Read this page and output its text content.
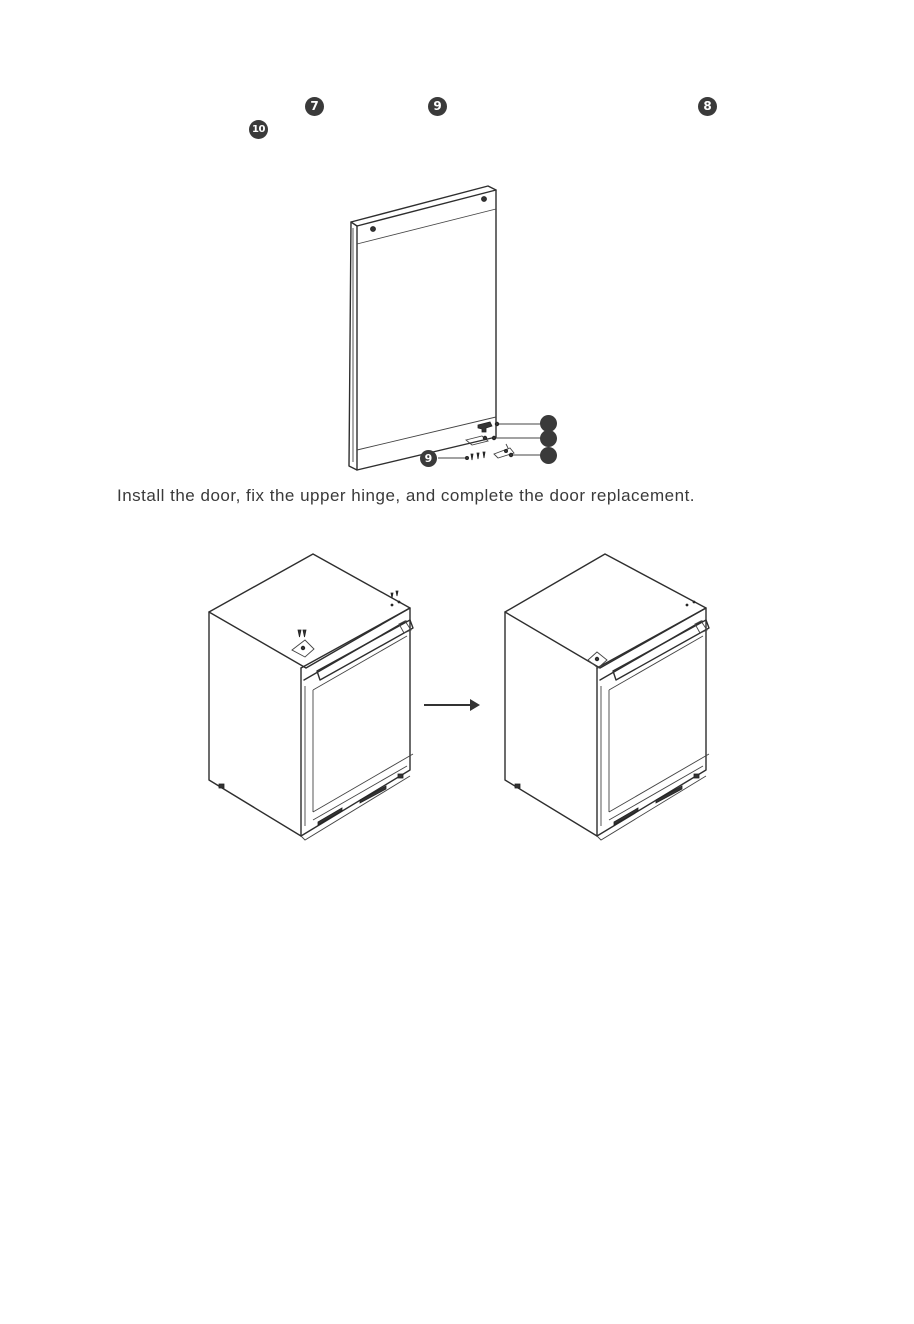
7	9	8
10
9
Install the door, fix the upper hinge, and complete the door replacement.
